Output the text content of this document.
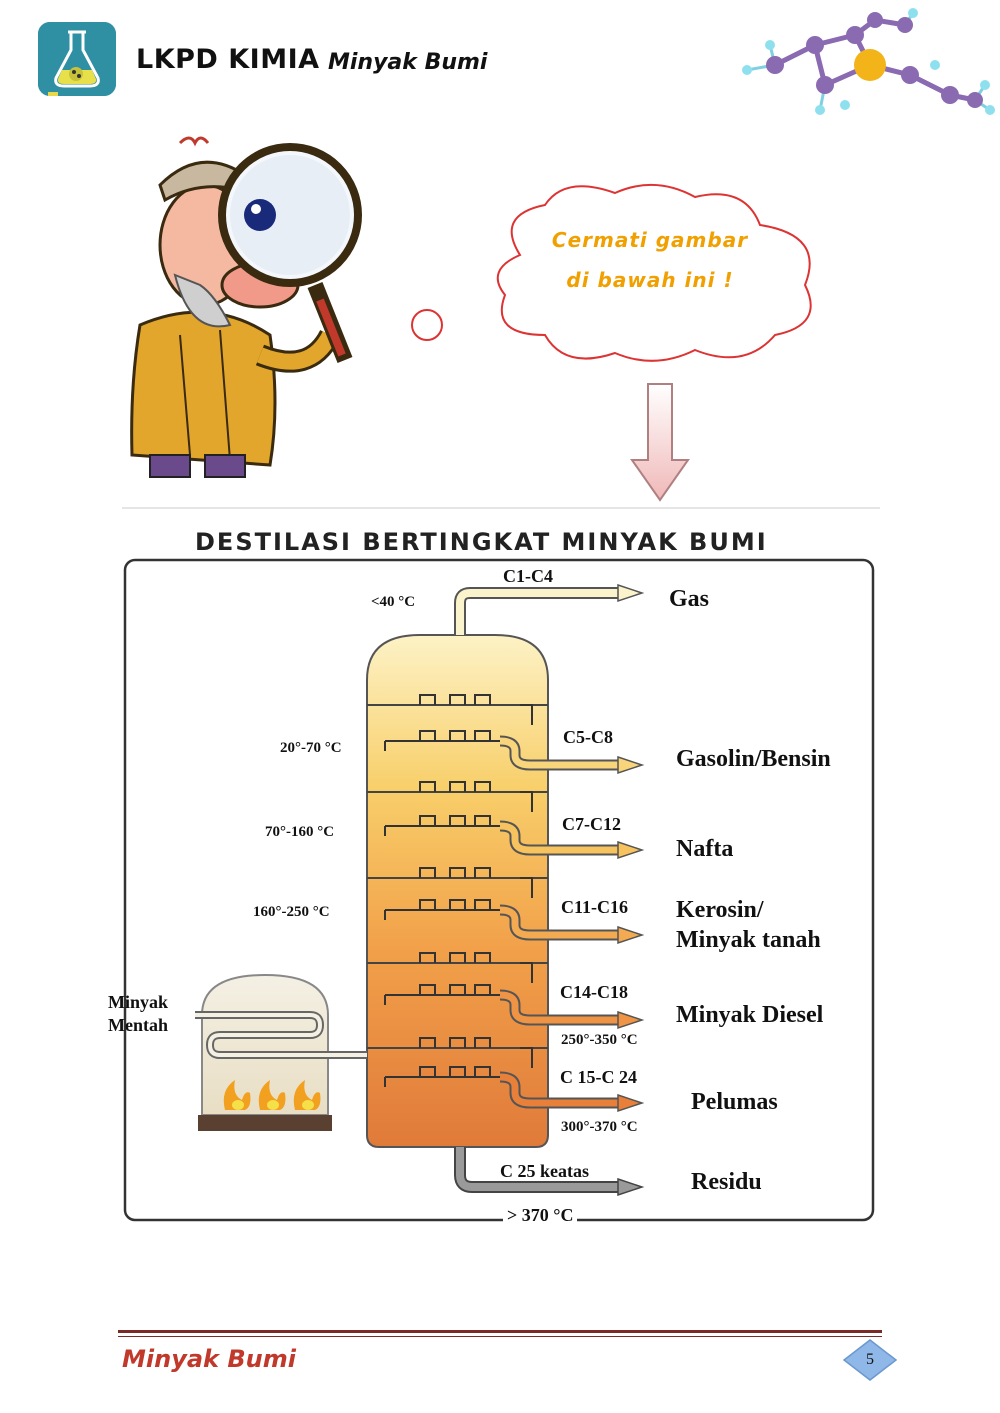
LKPD KIMIA Minyak Bumi
Cermati gambar
di bawah ini !
DESTILASI BERTINGKAT MINYAK BUMI
<40 °C
C1-C4
Gas
20°-70 °C
C5-C8
Gasolin/Bensin
70°-160 °C	C7-C12
Nafta
160°-250 °C	C11-C16 Kerosin/
Minyak tanah
C14-C18
Minyak Diesel
250°-350 °C
C 15-C 24
Pelumas
300°-370 °C
C 25 keatas	Residu
> 370 °C
Minyak
Mentah
Minyak Bumi	5
